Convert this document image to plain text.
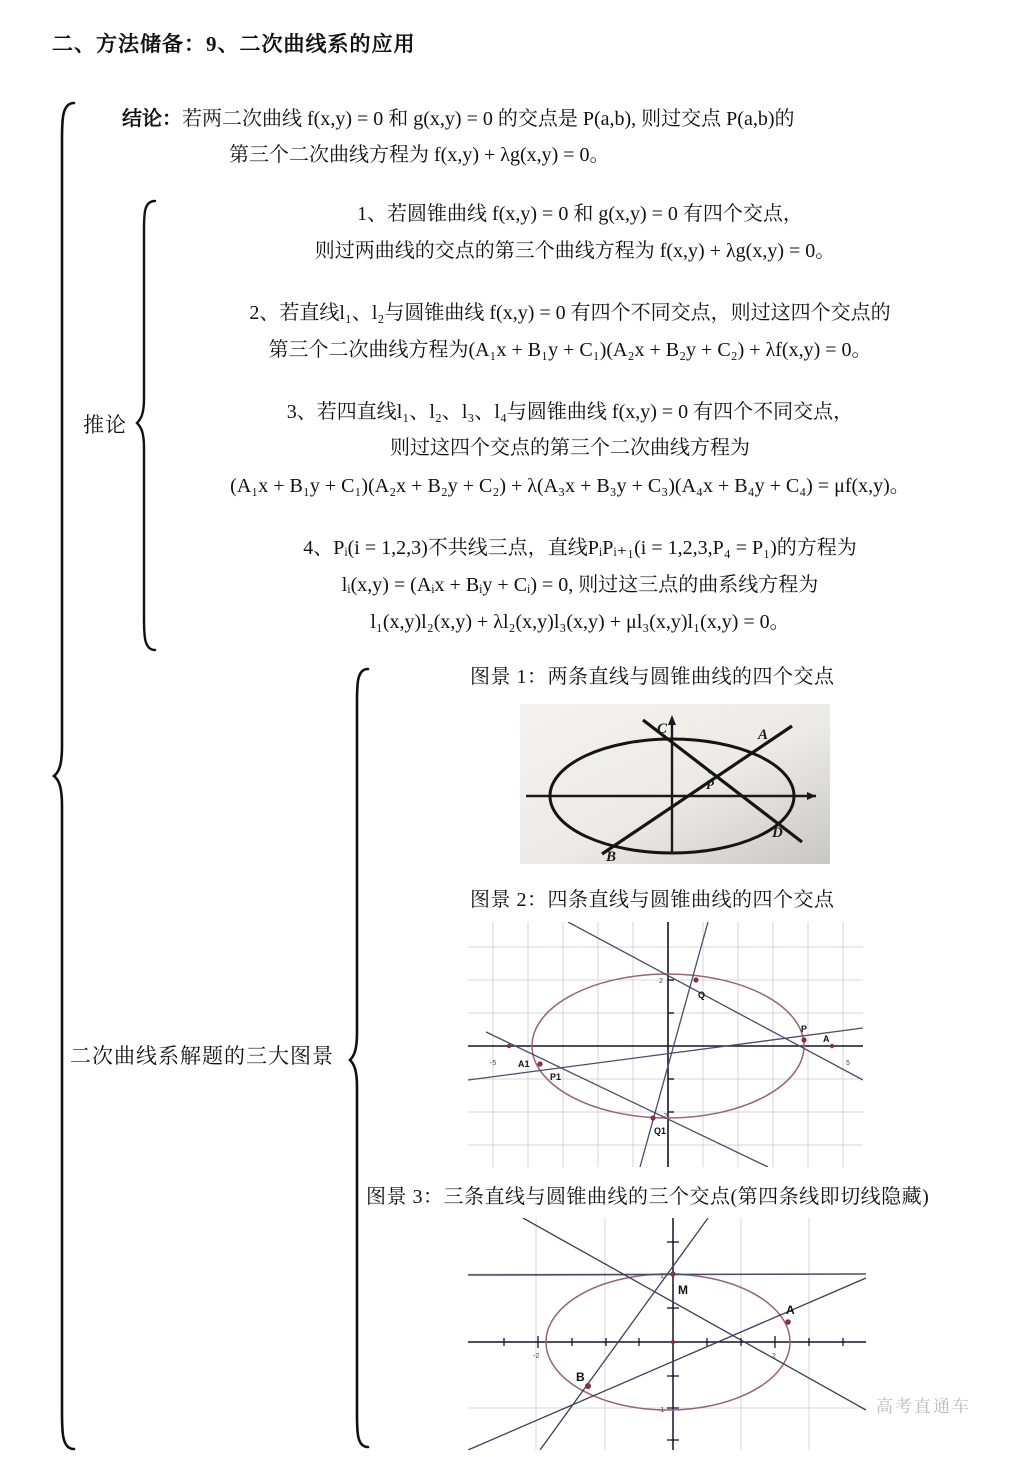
二、方法储备：9、二次曲线系的应用
结论：若两二次曲线 f(x,y) = 0 和 g(x,y) = 0 的交点是 P(a,b), 则过交点 P(a,b)的
第三个二次曲线方程为 f(x,y) + λg(x,y) = 0。
推论
1、若圆锥曲线 f(x,y) = 0 和 g(x,y) = 0 有四个交点，
则过两曲线的交点的第三个曲线方程为 f(x,y) + λg(x,y) = 0。
2、若直线l₁、l₂与圆锥曲线 f(x,y) = 0 有四个不同交点，则过这四个交点的
第三个二次曲线方程为(A₁x + B₁y + C₁)(A₂x + B₂y + C₂) + λf(x,y) = 0。
3、若四直线l₁、l₂、l₃、l₄与圆锥曲线 f(x,y) = 0 有四个不同交点，
则过这四个交点的第三个二次曲线方程为
(A₁x + B₁y + C₁)(A₂x + B₂y + C₂) + λ(A₃x + B₃y + C₃)(A₄x + B₄y + C₄) = μf(x,y)。
4、Pᵢ(i = 1,2,3)不共线三点，直线PᵢPᵢ₊₁(i = 1,2,3,P₄ = P₁)的方程为
lᵢ(x,y) = (Aᵢx + Bᵢy + Cᵢ) = 0, 则过这三点的曲系线方程为
l₁(x,y)l₂(x,y) + λl₂(x,y)l₃(x,y) + μl₃(x,y)l₁(x,y) = 0。
二次曲线系解题的三大图景
图景 1：两条直线与圆锥曲线的四个交点
C	A
P
B
D
图景 2：四条直线与圆锥曲线的四个交点
Q
P
A
A1
P1
Q1
-5	5
2
-2
图景 3：三条直线与圆锥曲线的三个交点(第四条线即切线隐藏)
M
A
B
-2	2
1
-1	高考直通车
